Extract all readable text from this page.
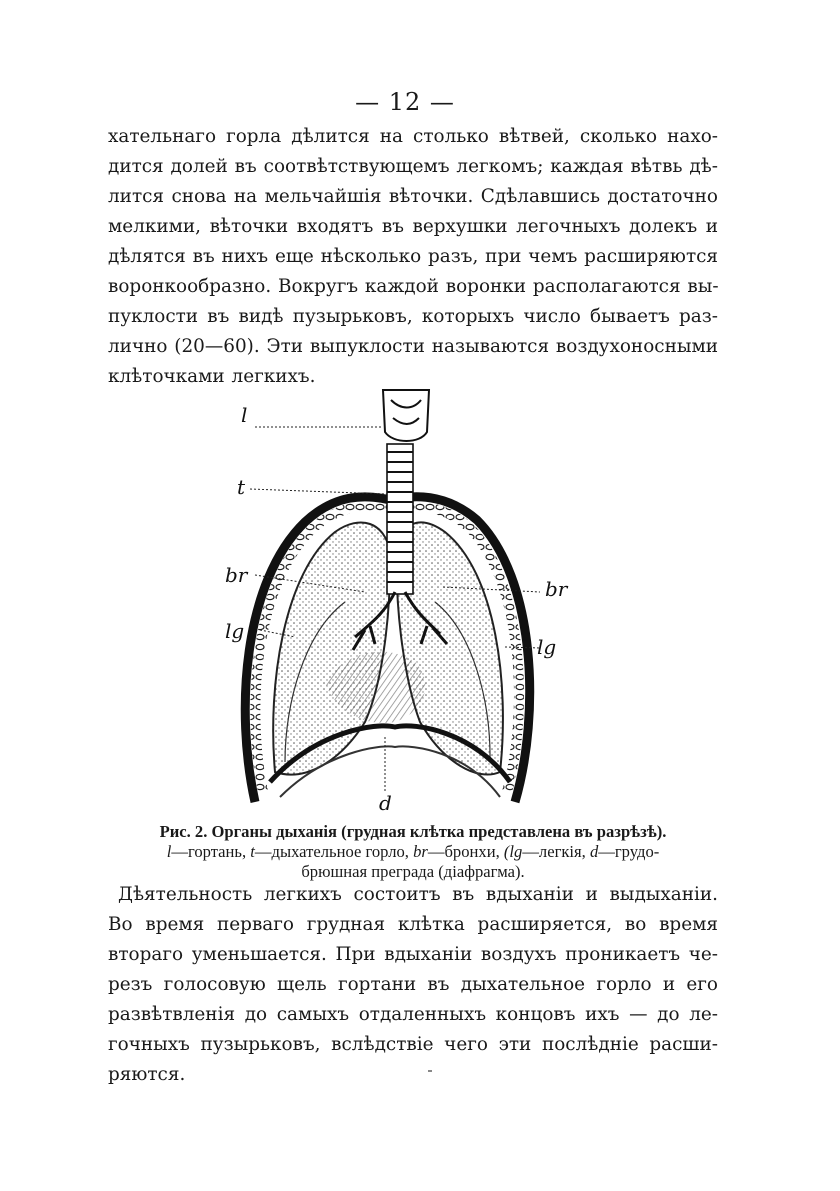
— 12 —
хательнаго горла дѣлится на столько вѣтвей, сколько нахо-
дится долей въ соотвѣтствующемъ легкомъ; каждая вѣтвь дѣ-
лится снова на мельчайшія вѣточки. Сдѣлавшись достаточно
мелкими, вѣточки входятъ въ верхушки легочныхъ долекъ и
дѣлятся въ нихъ еще нѣсколько разъ, при чемъ расширяются
воронкообразно. Вокругъ каждой воронки располагаются вы-
пуклости въ видѣ пузырьковъ, которыхъ число бываетъ раз-
лично (20—60). Эти выпуклости называются воздухоносными
клѣточками легкихъ.
l
t
br
br
lg
lg
d
Рис. 2. Органы дыханія (грудная клѣтка представлена въ разрѣзѣ).
l—гортань, t—дыхательное горло, br—бронхи, (lg—легкія, d—грудо-
брюшная преграда (діафрагма).
Дѣятельность легкихъ состоитъ въ вдыханіи и выдыханіи.
Во время перваго грудная клѣтка расширяется, во время
втораго уменьшается. При вдыханіи воздухъ проникаетъ че-
резъ голосовую щель гортани въ дыхательное горло и его
развѣтвленія до самыхъ отдаленныхъ концовъ ихъ — до ле-
гочныхъ пузырьковъ, вслѣдствіе чего эти послѣдніе расши-
ряются.
